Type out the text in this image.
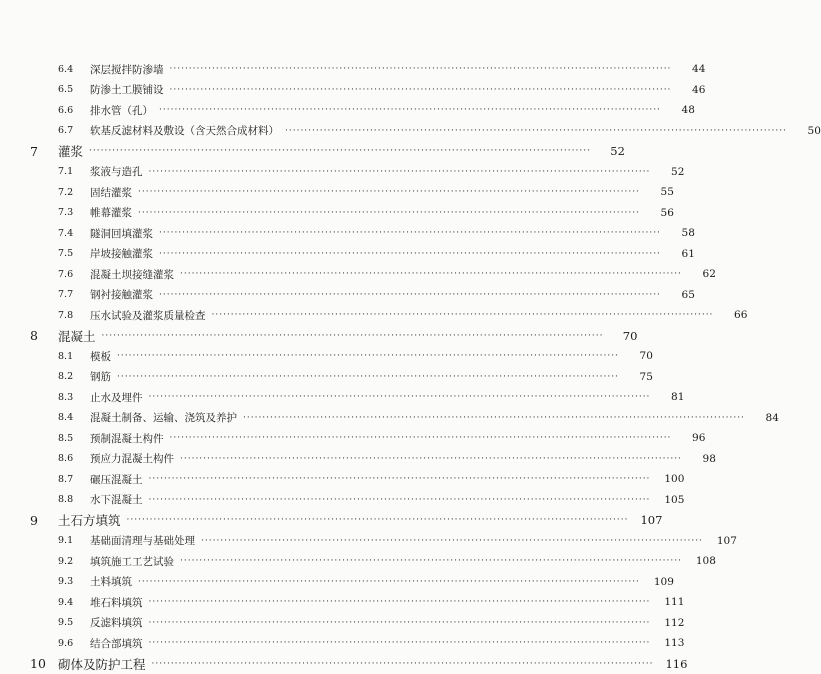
6.4	深层搅拌防渗墙 ·····	44
6.5	防渗土工膜铺设 ·····	46
6.6	排水管（孔） ·····	48
6.7	软基反滤材料及敷设（含天然合成材料） ·····	50
7	灌浆 ·····	52
7.1	浆液与造孔 ·····	52
7.2	固结灌浆 ·····	55
7.3	帷幕灌浆 ·····	56
7.4	隧洞回填灌浆 ·····	58
7.5	岸坡接触灌浆 ·····	61
7.6	混凝土坝接缝灌浆 ·····	62
7.7	钢衬接触灌浆 ·····	65
7.8	压水试验及灌浆质量检查 ·····	66
8	混凝土 ·····	70
8.1	模板 ·····	70
8.2	钢筋 ·····	75
8.3	止水及埋件 ·····	81
8.4	混凝土制备、运输、浇筑及养护 ·····	84
8.5	预制混凝土构件 ·····	96
8.6	预应力混凝土构件 ·····	98
8.7	碾压混凝土 ·····	100
8.8	水下混凝土 ·····	105
9	土石方填筑 ·····	107
9.1	基础面清理与基础处理 ·····	107
9.2	填筑施工工艺试验 ·····	108
9.3	土料填筑 ·····	109
9.4	堆石料填筑 ·····	111
9.5	反滤料填筑 ·····	112
9.6	结合部填筑 ·····	113
10 砌体及防护工程 ·····	116
